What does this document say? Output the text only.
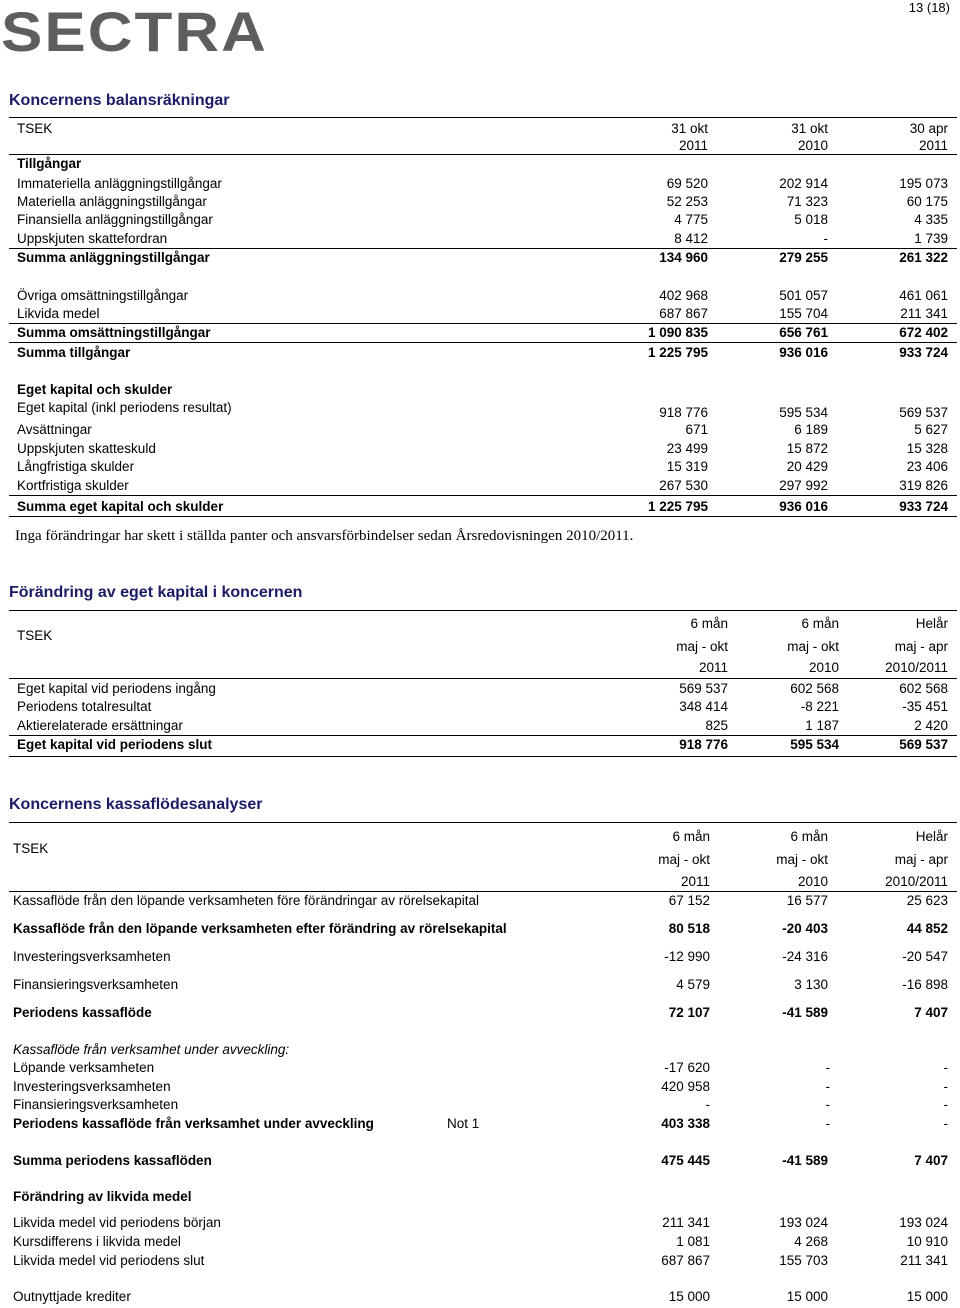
SECTRA	13 (18)
Koncernens balansräkningar
TSEK	31 okt	31 okt	30 apr
2011	2010	2011
Tillgångar
Immateriella anläggningstillgångar	69 520	202 914	195 073
Materiella anläggningstillgångar	52 253	71 323	60 175
Finansiella anläggningstillgångar	4 775	5 018	4 335
Uppskjuten skattefordran	8 412	-	1 739
Summa anläggningstillgångar	134 960	279 255	261 322
Övriga omsättningstillgångar	402 968	501 057	461 061
Likvida medel	687 867	155 704	211 341
Summa omsättningstillgångar	1 090 835	656 761	672 402
Summa tillgångar	1 225 795	936 016	933 724
Eget kapital och skulder
Eget kapital (inkl periodens resultat)	918 776	595 534	569 537
Avsättningar	671	6 189	5 627
Uppskjuten skatteskuld	23 499	15 872	15 328
Långfristiga skulder	15 319	20 429	23 406
Kortfristiga skulder	267 530	297 992	319 826
Summa eget kapital och skulder	1 225 795	936 016	933 724
Inga förändringar har skett i ställda panter och ansvarsförbindelser sedan Årsredovisningen 2010/2011.
Förändring av eget kapital i koncernen
6 mån	6 mån	Helår
TSEK
maj - okt	maj - okt	maj - apr
2011	2010	2010/2011
Eget kapital vid periodens ingång	569 537	602 568	602 568
Periodens totalresultat	348 414	-8 221	-35 451
Aktierelaterade ersättningar	825	1 187	2 420
Eget kapital vid periodens slut	918 776	595 534	569 537
Koncernens kassaflödesanalyser
6 mån	6 mån	Helår
TSEK
maj - okt	maj - okt	maj - apr
2011	2010	2010/2011
Kassaflöde från den löpande verksamheten före förändringar av rörelsekapital	67 152	16 577	25 623
Kassaflöde från den löpande verksamheten efter förändring av rörelsekapital	80 518	-20 403	44 852
Investeringsverksamheten	-12 990	-24 316	-20 547
Finansieringsverksamheten	4 579	3 130	-16 898
Periodens kassaflöde	72 107	-41 589	7 407
Kassaflöde från verksamhet under avveckling:
Löpande verksamheten	-17 620	-	-
Investeringsverksamheten	420 958	-	-
Finansieringsverksamheten	-	-	-
Periodens kassaflöde från verksamhet under avveckling	Not 1	403 338	-	-
Summa periodens kassaflöden	475 445	-41 589	7 407
Förändring av likvida medel
Likvida medel vid periodens början	211 341	193 024	193 024
Kursdifferens i likvida medel	1 081	4 268	10 910
Likvida medel vid periodens slut	687 867	155 703	211 341
Outnyttjade krediter	15 000	15 000	15 000
